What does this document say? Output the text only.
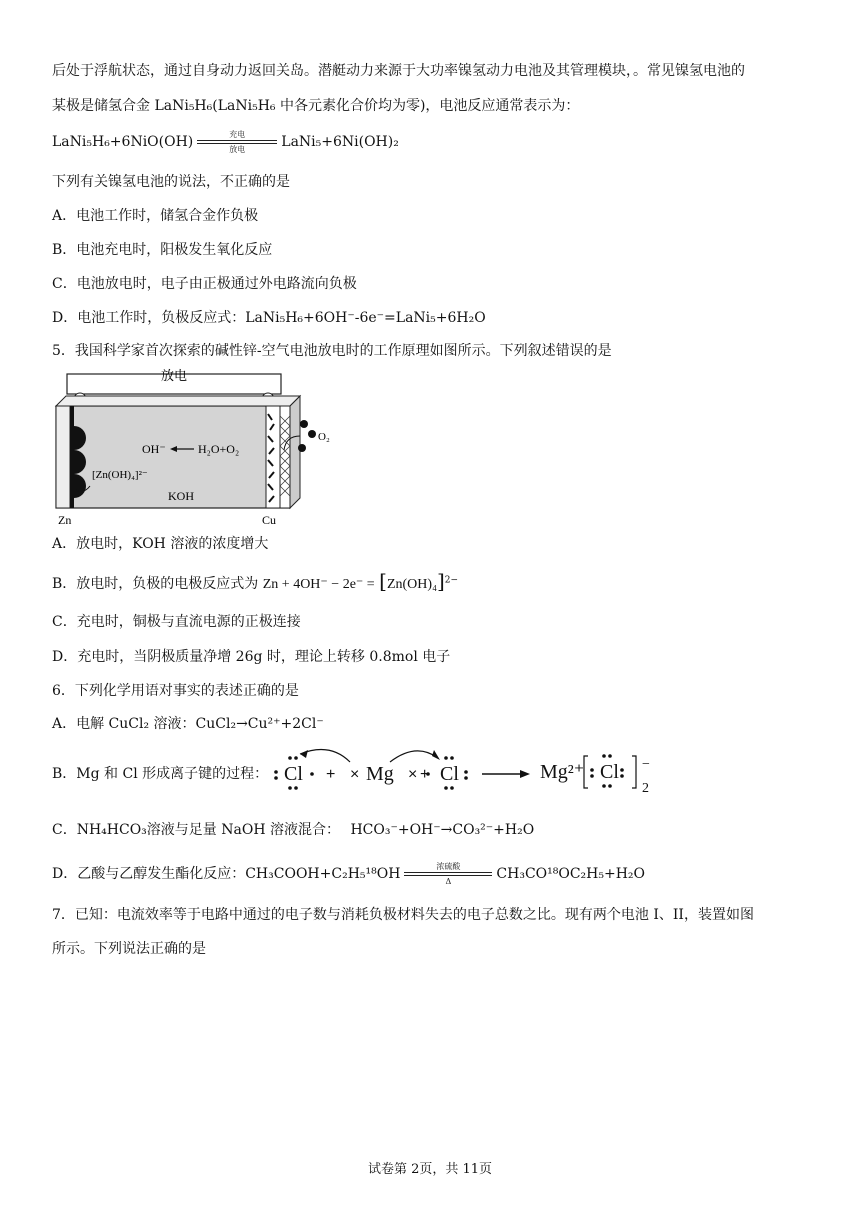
后处于浮航状态，通过自身动力返回关岛。潜艇动力来源于大功率镍氢动力电池及其管理模块，。常见镍氢电池的
某极是储氢合金 LaNi₅H₆(LaNi₅H₆ 中各元素化合价均为零)，电池反应通常表示为：
LaNi₅H₆+6NiO(OH)	充电
放电	LaNi₅+6Ni(OH)₂
下列有关镍氢电池的说法，不正确的是
A．电池工作时，储氢合金作负极
B．电池充电时，阳极发生氧化反应
C．电池放电时，电子由正极通过外电路流向负极
D．电池工作时，负极反应式：LaNi₅H₆+6OH⁻-6e⁻=LaNi₅+6H₂O
5．我国科学家首次探索的碱性锌-空气电池放电时的工作原理如图所示。下列叙述错误的是
放电
OH⁻	H₂O+O₂
O₂
[Zn(OH)₄]²⁻
KOH
Zn	Cu
A．放电时，KOH 溶液的浓度增大
B．放电时，负极的电极反应式为 $Zn + 4OH^- - 2e^- = [Zn(OH)_4]^{2-}$
C．充电时，铜极与直流电源的正极连接
D．充电时，当阴极质量净增 26g 时，理论上转移 0.8mol 电子
6．下列化学用语对事实的表述正确的是
A．电解 CuCl₂ 溶液：CuCl₂→Cu²⁺+2Cl⁻
B．Mg 和 Cl 形成离子键的过程： Cl	Mg Cl	Mg²⁺ Cl
2
−
+ ×	× +
C．NH₄HCO₃溶液与足量 NaOH 溶液混合： HCO₃⁻+OH⁻→CO₃²⁻+H₂O
D．乙酸与乙醇发生酯化反应：CH₃COOH+C₂H₅¹⁸OH	浓硫酸
Δ	CH₃CO¹⁸OC₂H₅+H₂O
7．已知：电流效率等于电路中通过的电子数与消耗负极材料失去的电子总数之比。现有两个电池 I、II，装置如图
所示。下列说法正确的是
试卷第 2页，共 11页
